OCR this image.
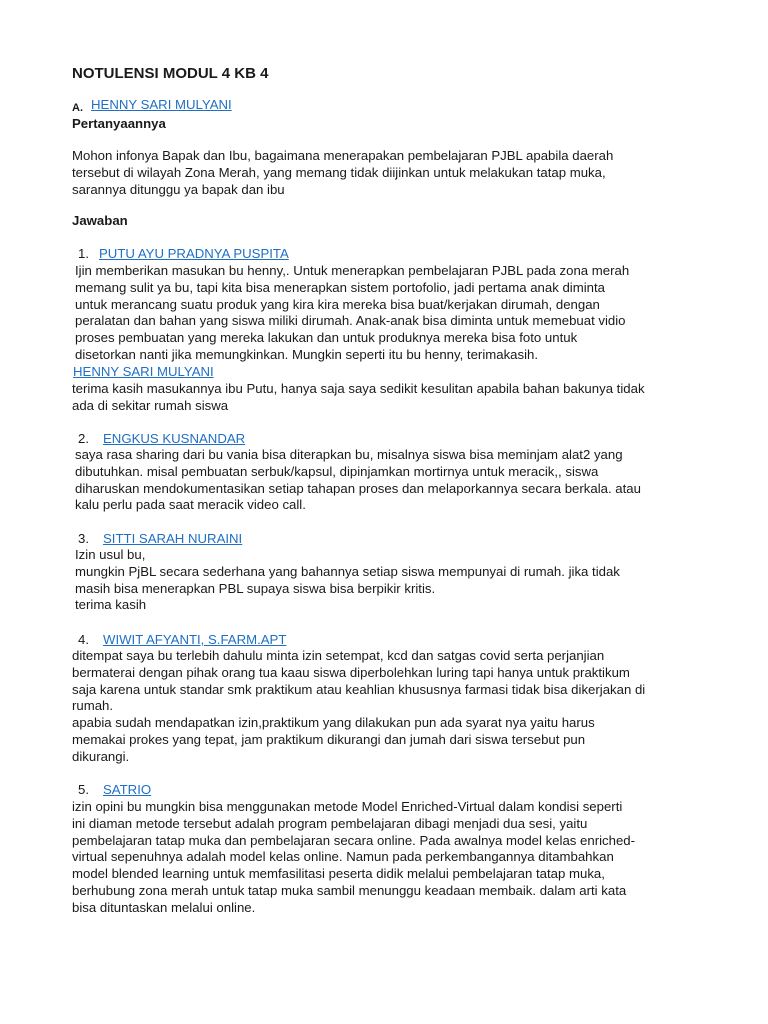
NOTULENSI MODUL 4 KB 4
A. HENNY SARI MULYANI
Pertanyaannya
Mohon infonya Bapak dan Ibu, bagaimana menerapakan pembelajaran PJBL apabila daerah
tersebut di wilayah Zona Merah, yang memang tidak diijinkan untuk melakukan tatap muka,
sarannya ditunggu ya bapak dan ibu
Jawaban
1. PUTU AYU PRADNYA PUSPITA
Ijin memberikan masukan bu henny,. Untuk menerapkan pembelajaran PJBL pada zona merah
memang sulit ya bu, tapi kita bisa menerapkan sistem portofolio, jadi pertama anak diminta
untuk merancang suatu produk yang kira kira mereka bisa buat/kerjakan dirumah, dengan
peralatan dan bahan yang siswa miliki dirumah. Anak-anak bisa diminta untuk memebuat vidio
proses pembuatan yang mereka lakukan dan untuk produknya mereka bisa foto untuk
disetorkan nanti jika memungkinkan. Mungkin seperti itu bu henny, terimakasih.
HENNY SARI MULYANI
terima kasih masukannya ibu Putu, hanya saja saya sedikit kesulitan apabila bahan bakunya tidak
ada di sekitar rumah siswa
2. ENGKUS KUSNANDAR
saya rasa sharing dari bu vania bisa diterapkan bu, misalnya siswa bisa meminjam alat2 yang
dibutuhkan. misal pembuatan serbuk/kapsul, dipinjamkan mortirnya untuk meracik,, siswa
diharuskan mendokumentasikan setiap tahapan proses dan melaporkannya secara berkala. atau
kalu perlu pada saat meracik video call.
3. SITTI SARAH NURAINI
Izin usul bu,
mungkin PjBL secara sederhana yang bahannya setiap siswa mempunyai di rumah. jika tidak
masih bisa menerapkan PBL supaya siswa bisa berpikir kritis.
terima kasih
4. WIWIT AFYANTI, S.FARM.APT
ditempat saya bu terlebih dahulu minta izin setempat, kcd dan satgas covid serta perjanjian
bermaterai dengan pihak orang tua kaau siswa diperbolehkan luring tapi hanya untuk praktikum
saja karena untuk standar smk praktikum atau keahlian khususnya farmasi tidak bisa dikerjakan di
rumah.
apabia sudah mendapatkan izin,praktikum yang dilakukan pun ada syarat nya yaitu harus
memakai prokes yang tepat, jam praktikum dikurangi dan jumah dari siswa tersebut pun
dikurangi.
5. SATRIO
izin opini bu mungkin bisa menggunakan metode Model Enriched-Virtual dalam kondisi seperti
ini diaman metode tersebut adalah program pembelajaran dibagi menjadi dua sesi, yaitu
pembelajaran tatap muka dan pembelajaran secara online. Pada awalnya model kelas enriched-
virtual sepenuhnya adalah model kelas online. Namun pada perkembangannya ditambahkan
model blended learning untuk memfasilitasi peserta didik melalui pembelajaran tatap muka,
berhubung zona merah untuk tatap muka sambil menunggu keadaan membaik. dalam arti kata
bisa dituntaskan melalui online.
